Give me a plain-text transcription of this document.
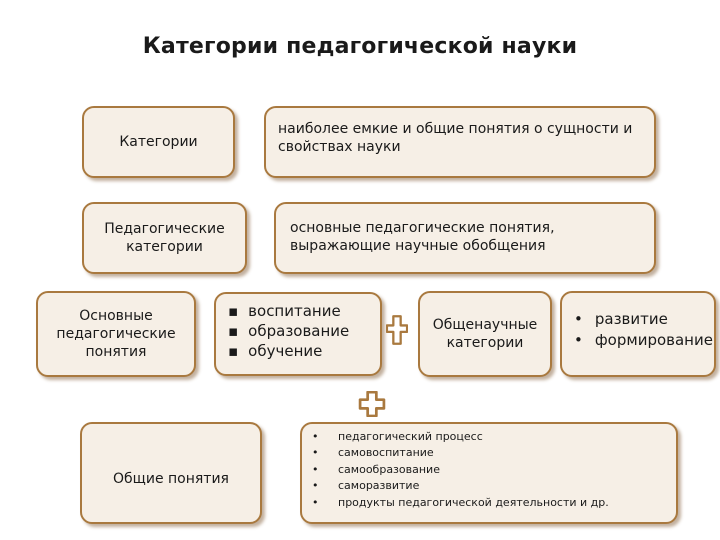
Категории педагогической науки
Категории
наиболее емкие и общие понятия о сущности и свойствах науки
Педагогические категории
основные педагогические понятия, выражающие научные обобщения
Основные педагогические понятия
▪ воспитание
▪ образование
▪ обучение
Общенаучные категории
• развитие
• формирование
Общие понятия
• педагогический процесс
• самовоспитание
• самообразование
• саморазвитие
• продукты педагогической деятельности и др.
